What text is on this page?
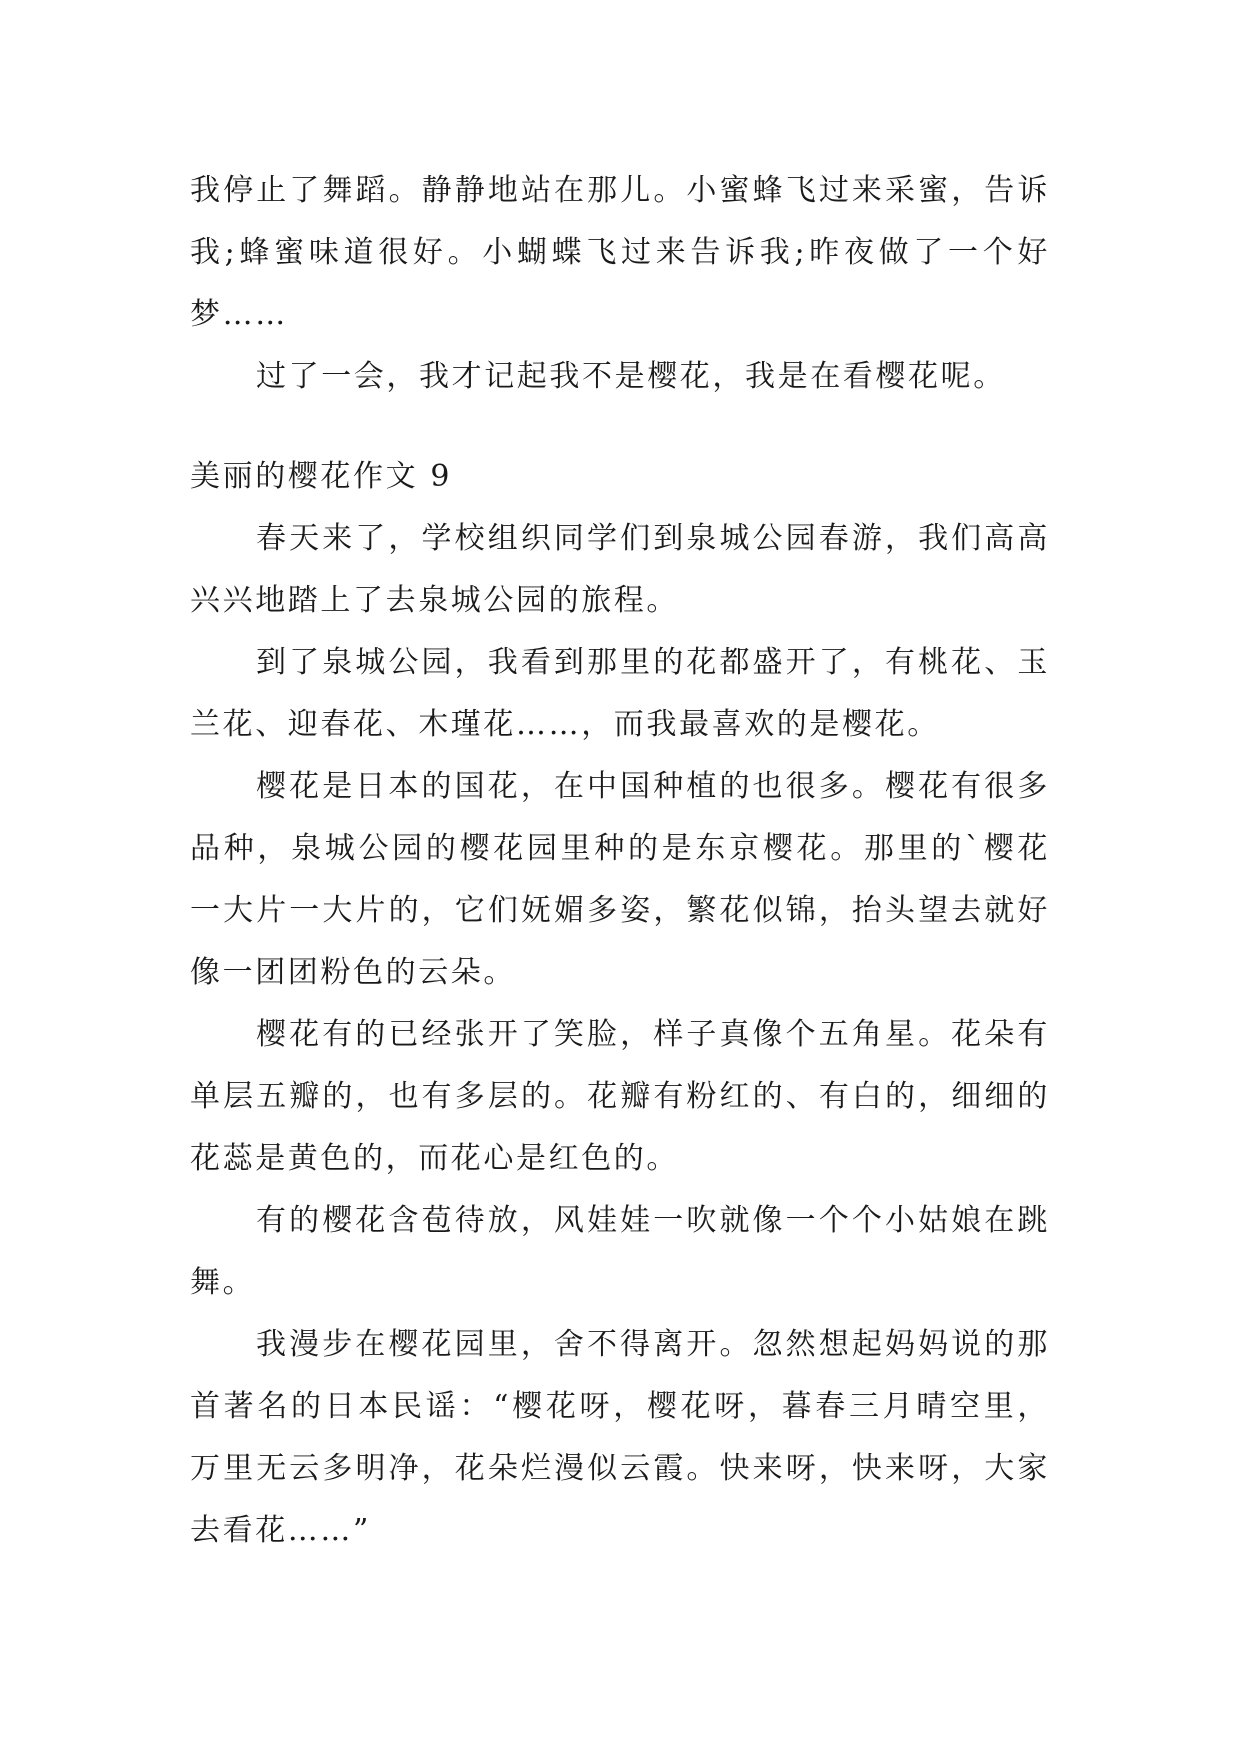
我停止了舞蹈。静静地站在那儿。小蜜蜂飞过来采蜜，告诉我;蜂蜜味道很好。小蝴蝶飞过来告诉我;昨夜做了一个好梦……

过了一会，我才记起我不是樱花，我是在看樱花呢。

美丽的樱花作文 9

春天来了，学校组织同学们到泉城公园春游，我们高高兴兴地踏上了去泉城公园的旅程。

到了泉城公园，我看到那里的花都盛开了，有桃花、玉兰花、迎春花、木瑾花……，而我最喜欢的是樱花。

樱花是日本的国花，在中国种植的也很多。樱花有很多品种，泉城公园的樱花园里种的是东京樱花。那里的`樱花一大片一大片的，它们妩媚多姿，繁花似锦，抬头望去就好像一团团粉色的云朵。

樱花有的已经张开了笑脸，样子真像个五角星。花朵有单层五瓣的，也有多层的。花瓣有粉红的、有白的，细细的花蕊是黄色的，而花心是红色的。

有的樱花含苞待放，风娃娃一吹就像一个个小姑娘在跳舞。

我漫步在樱花园里，舍不得离开。忽然想起妈妈说的那首著名的日本民谣：“樱花呀，樱花呀，暮春三月晴空里，万里无云多明净，花朵烂漫似云霞。快来呀，快来呀，大家去看花……”
